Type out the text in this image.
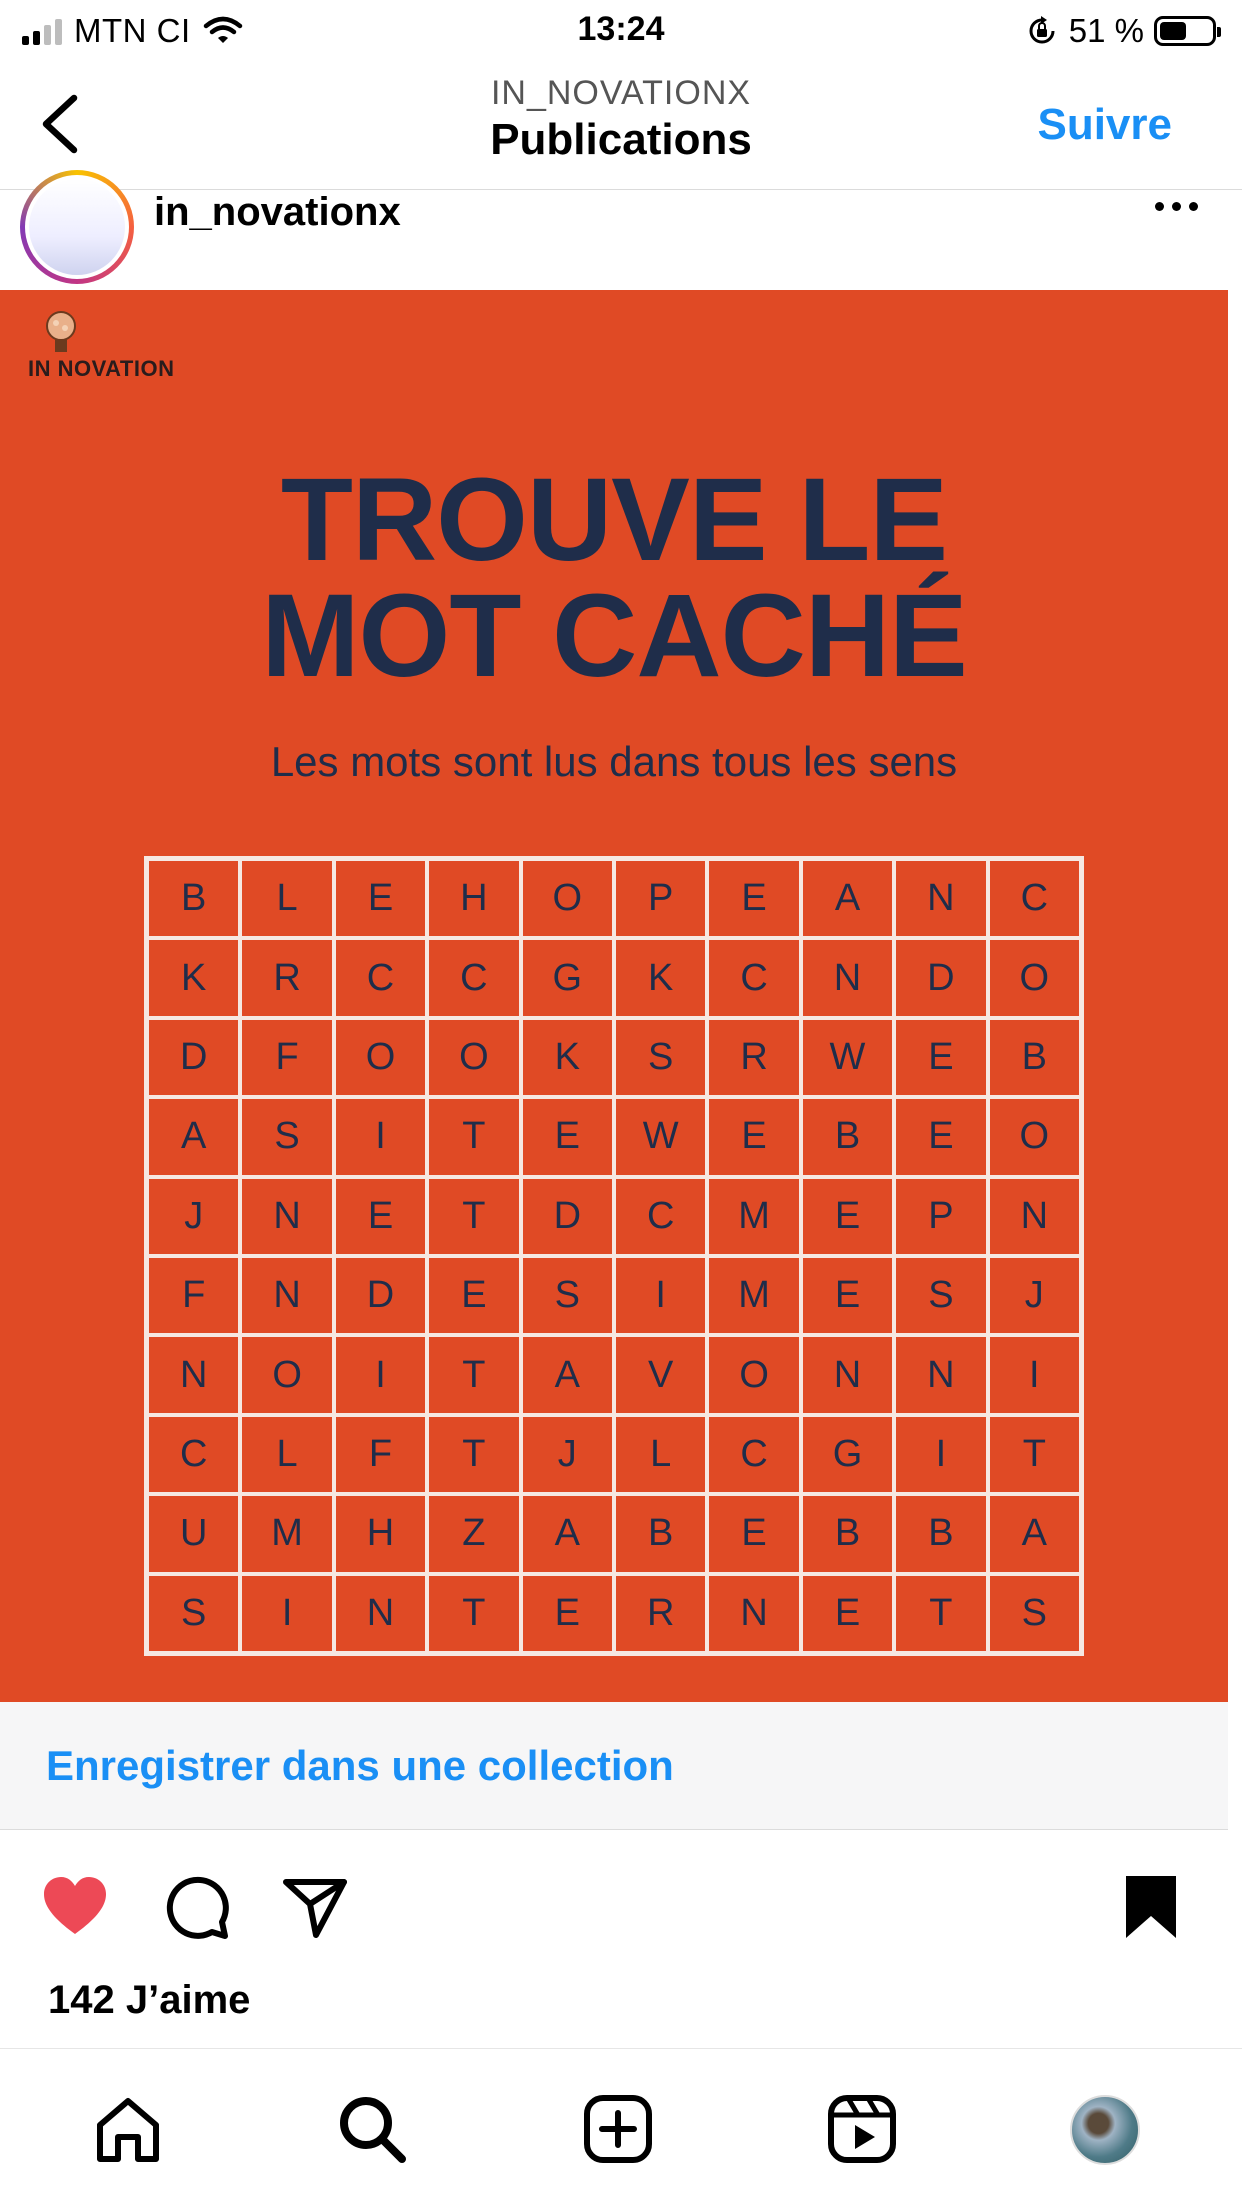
MTN CI	13:24	51 %
IN_NOVATIONX
Publications	Suivre
in_novationx
IN NOVATION
TROUVE LE
MOT CACHÉ
Les mots sont lus dans tous les sens
B	L	E	H	O	P	E	A	N	C
K	R	C	C	G	K	C	N	D	O
D	F	O	O	K	S	R	W	E	B
A	S	I	T	E	W	E	B	E	O
J	N	E	T	D	C	M	E	P	N
F	N	D	E	S	I	M	E	S	J
N	O	I	T	A	V	O	N	N	I
C	L	F	T	J	L	C	G	I	T
U	M	H	Z	A	B	E	B	B	A
S	I	N	T	E	R	N	E	T	S
Enregistrer dans une collection
142 J’aime
